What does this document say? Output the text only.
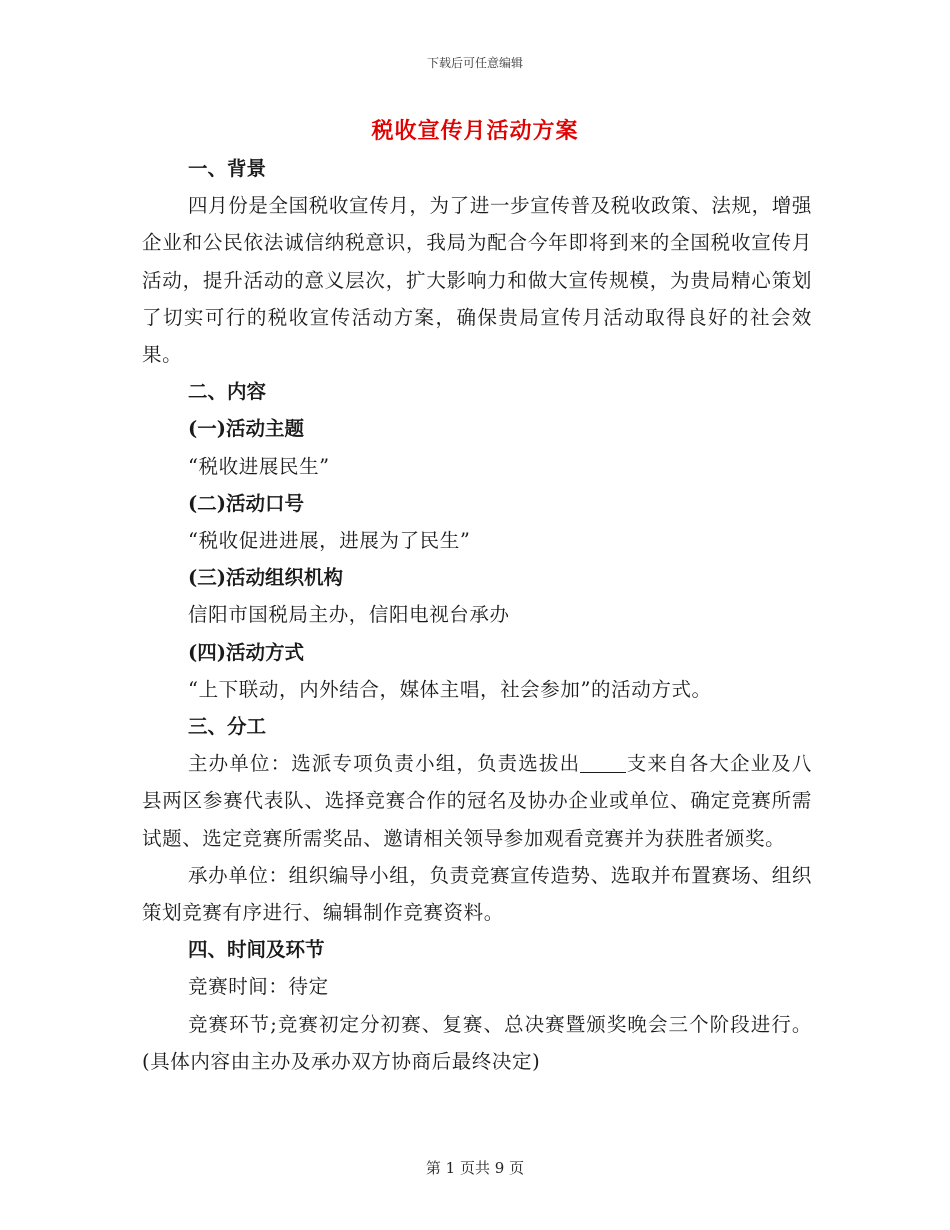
下载后可任意编辑
税收宣传月活动方案
一、背景
四月份是全国税收宣传月，为了进一步宣传普及税收政策、法规，增强企业和公民依法诚信纳税意识，我局为配合今年即将到来的全国税收宣传月活动，提升活动的意义层次，扩大影响力和做大宣传规模，为贵局精心策划了切实可行的税收宣传活动方案，确保贵局宣传月活动取得良好的社会效果。
二、内容
(一)活动主题
“税收进展民生”
(二)活动口号
“税收促进进展，进展为了民生”
(三)活动组织机构
信阳市国税局主办，信阳电视台承办
(四)活动方式
“上下联动，内外结合，媒体主唱，社会参加”的活动方式。
三、分工
主办单位：选派专项负责小组，负责选拔出 支来自各大企业及八县两区参赛代表队、选择竞赛合作的冠名及协办企业或单位、确定竞赛所需试题、选定竞赛所需奖品、邀请相关领导参加观看竞赛并为获胜者颁奖。
承办单位：组织编导小组，负责竞赛宣传造势、选取并布置赛场、组织策划竞赛有序进行、编辑制作竞赛资料。
四、时间及环节
竞赛时间：待定
竞赛环节;竞赛初定分初赛、复赛、总决赛暨颁奖晚会三个阶段进行。(具体内容由主办及承办双方协商后最终决定)
第 1 页共 9 页
